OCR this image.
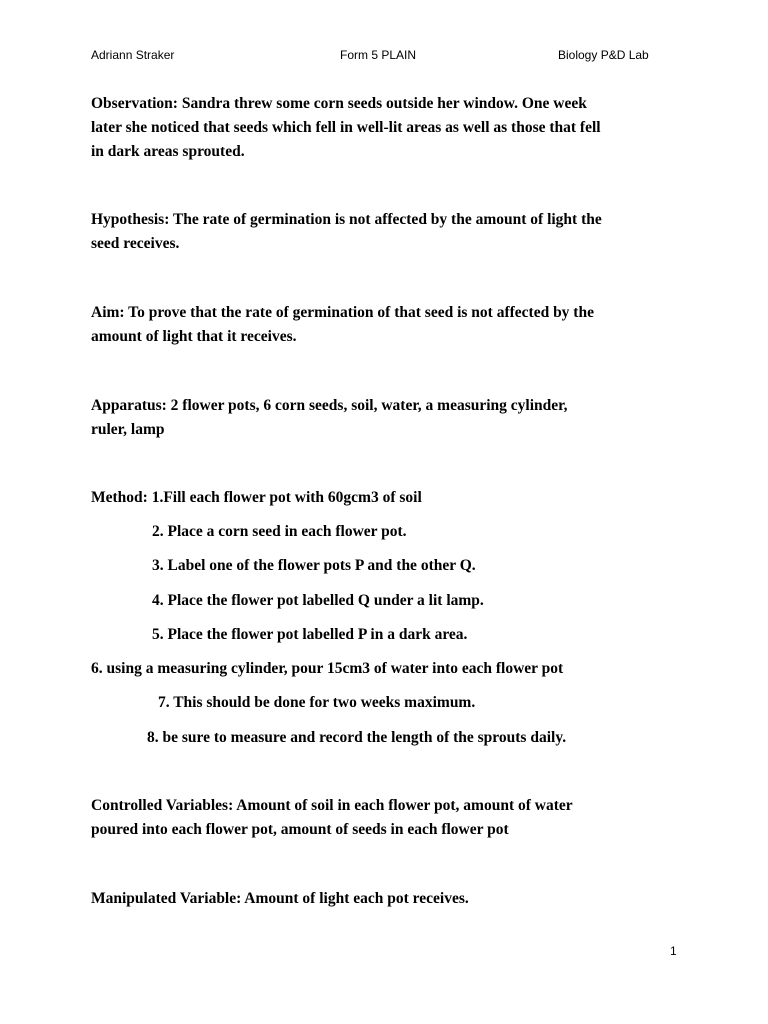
Adriann Straker	Form 5 PLAIN	Biology P&D Lab
Observation: Sandra threw some corn seeds outside her window. One week
later she noticed that seeds which fell in well-lit areas as well as those that fell
in dark areas sprouted.
Hypothesis: The rate of germination is not affected by the amount of light the
seed receives.
Aim: To prove that the rate of germination of that seed is not affected by the
amount of light that it receives.
Apparatus: 2 flower pots, 6 corn seeds, soil, water, a measuring cylinder,
ruler, lamp
Method: 1.Fill each flower pot with 60gcm3 of soil
2. Place a corn seed in each flower pot.
3. Label one of the flower pots P and the other Q.
4. Place the flower pot labelled Q under a lit lamp.
5. Place the flower pot labelled P in a dark area.
6. using a measuring cylinder, pour 15cm3 of water into each flower pot
7. This should be done for two weeks maximum.
8. be sure to measure and record the length of the sprouts daily.
Controlled Variables: Amount of soil in each flower pot, amount of water
poured into each flower pot, amount of seeds in each flower pot
Manipulated Variable: Amount of light each pot receives.
1
